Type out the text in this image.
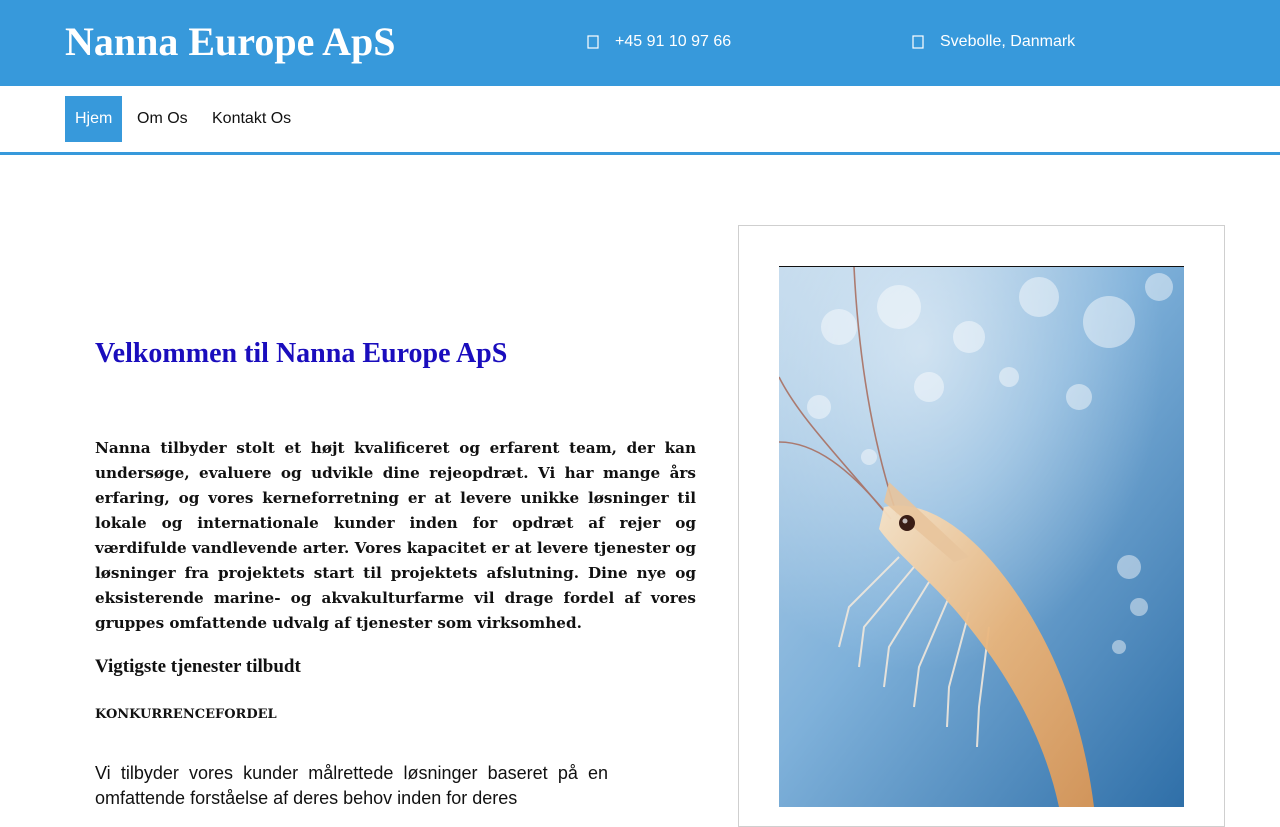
Nanna Europe ApS	+45 91 10 97 66	Svebolle, Danmark
Hjem	Om Os	Kontakt Os
Velkommen til Nanna Europe ApS

Nanna tilbyder stolt et højt kvalificeret og erfarent team, der kan undersøge, evaluere og udvikle dine rejeopdræt. Vi har mange års erfaring, og vores kerneforretning er at levere unikke løsninger til lokale og internationale kunder inden for opdræt af rejer og værdifulde vandlevende arter. Vores kapacitet er at levere tjenester og løsninger fra projektets start til projektets afslutning. Dine nye og eksisterende marine- og akvakulturfarme vil drage fordel af vores gruppes omfattende udvalg af tjenester som virksomhed.

Vigtigste tjenester tilbudt
KONKURRENCEFORDEL

Vi tilbyder vores kunder målrettede løsninger baseret på en omfattende forståelse af deres behov inden for deres
